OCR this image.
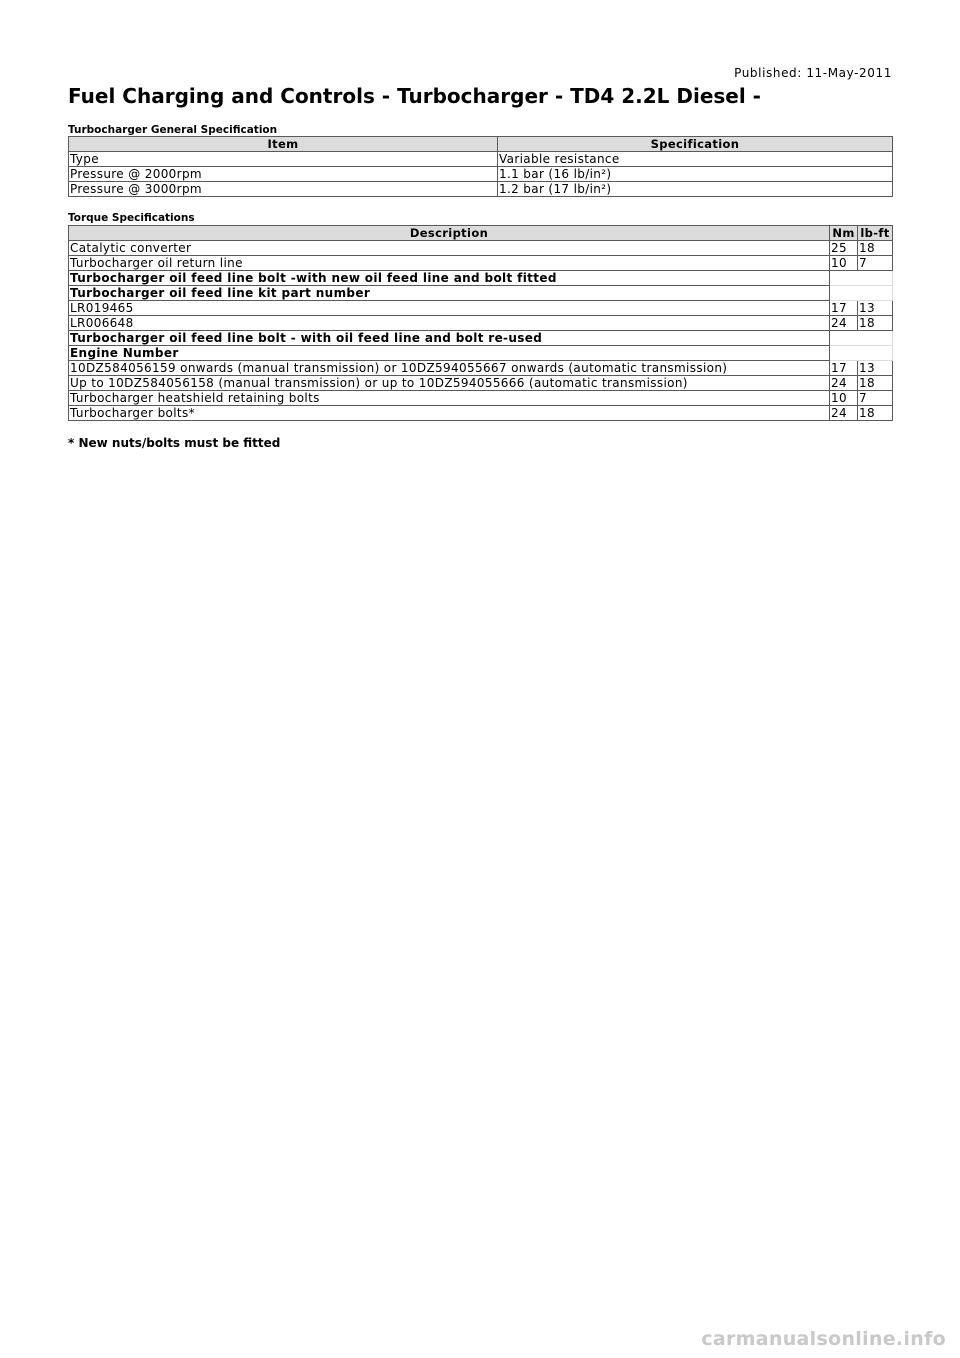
Published: 11-May-2011
Fuel Charging and Controls - Turbocharger - TD4 2.2L Diesel -
Turbocharger General Specification
Item	Specification
Type	Variable resistance
Pressure @ 2000rpm	1.1 bar (16 lb/in²)
Pressure @ 3000rpm	1.2 bar (17 lb/in²)
Torque Specifications
Description	Nm	lb-ft
Catalytic converter	25	18
Turbocharger oil return line	10	7
Turbocharger oil feed line bolt -with new oil feed line and bolt fitted		
Turbocharger oil feed line kit part number		
LR019465	17	13
LR006648	24	18
Turbocharger oil feed line bolt - with oil feed line and bolt re-used		
Engine Number		
10DZ584056159 onwards (manual transmission) or 10DZ594055667 onwards (automatic transmission)	17	13
Up to 10DZ584056158 (manual transmission) or up to 10DZ594055666 (automatic transmission)	24	18
Turbocharger heatshield retaining bolts	10	7
Turbocharger bolts*	24	18

* New nuts/bolts must be fitted

carmanualsonline.info
